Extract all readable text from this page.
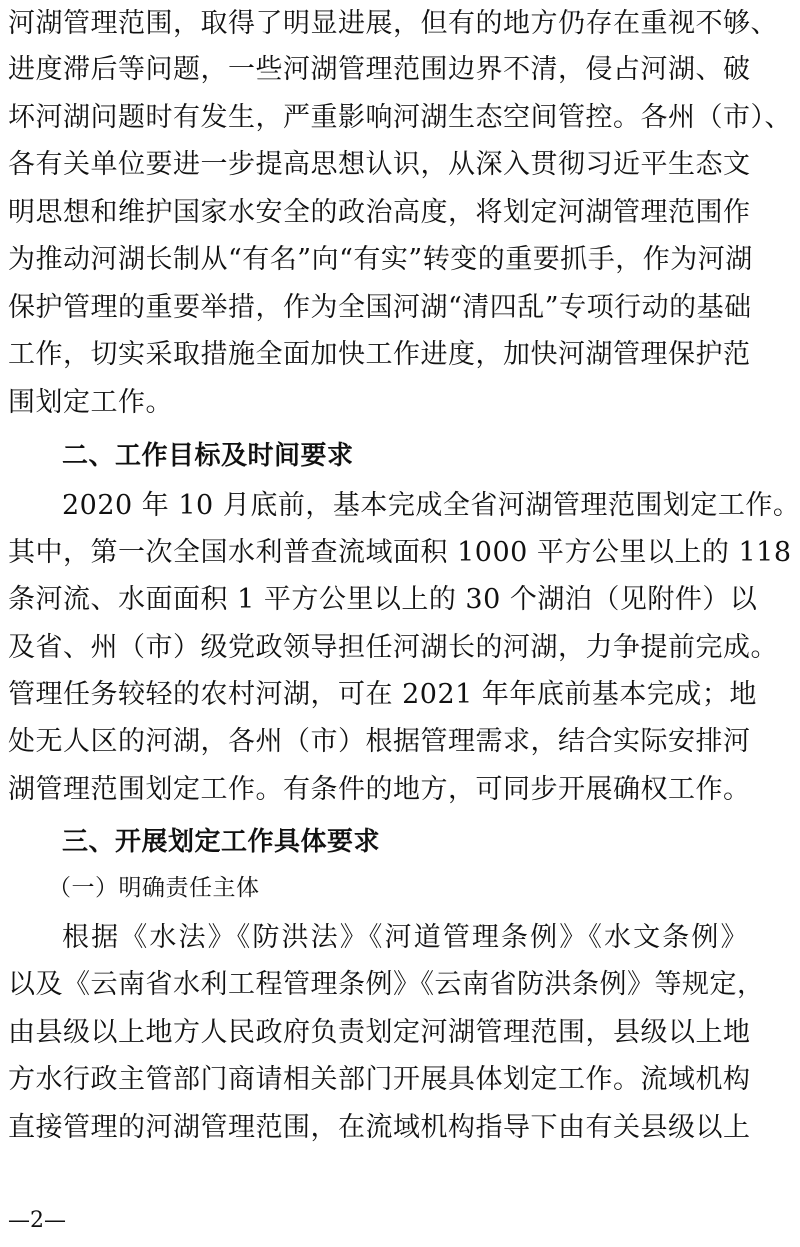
河湖管理范围，取得了明显进展，但有的地方仍存在重视不够、
进度滞后等问题，一些河湖管理范围边界不清，侵占河湖、破
坏河湖问题时有发生，严重影响河湖生态空间管控。各州（市）、
各有关单位要进一步提高思想认识，从深入贯彻习近平生态文
明思想和维护国家水安全的政治高度，将划定河湖管理范围作
为推动河湖长制从“有名”向“有实”转变的重要抓手，作为河湖
保护管理的重要举措，作为全国河湖“清四乱”专项行动的基础
工作，切实采取措施全面加快工作进度，加快河湖管理保护范
围划定工作。
二、工作目标及时间要求
2020 年 10 月底前，基本完成全省河湖管理范围划定工作。
其中，第一次全国水利普查流域面积 1000 平方公里以上的 118
条河流、水面面积 1 平方公里以上的 30 个湖泊（见附件）以
及省、州（市）级党政领导担任河湖长的河湖，力争提前完成。
管理任务较轻的农村河湖，可在 2021 年年底前基本完成；地
处无人区的河湖，各州（市）根据管理需求，结合实际安排河
湖管理范围划定工作。有条件的地方，可同步开展确权工作。
三、开展划定工作具体要求
（一）明确责任主体
根据《水法》《防洪法》《河道管理条例》《水文条例》
以及《云南省水利工程管理条例》《云南省防洪条例》等规定，
由县级以上地方人民政府负责划定河湖管理范围，县级以上地
方水行政主管部门商请相关部门开展具体划定工作。流域机构
直接管理的河湖管理范围，在流域机构指导下由有关县级以上
—2—
